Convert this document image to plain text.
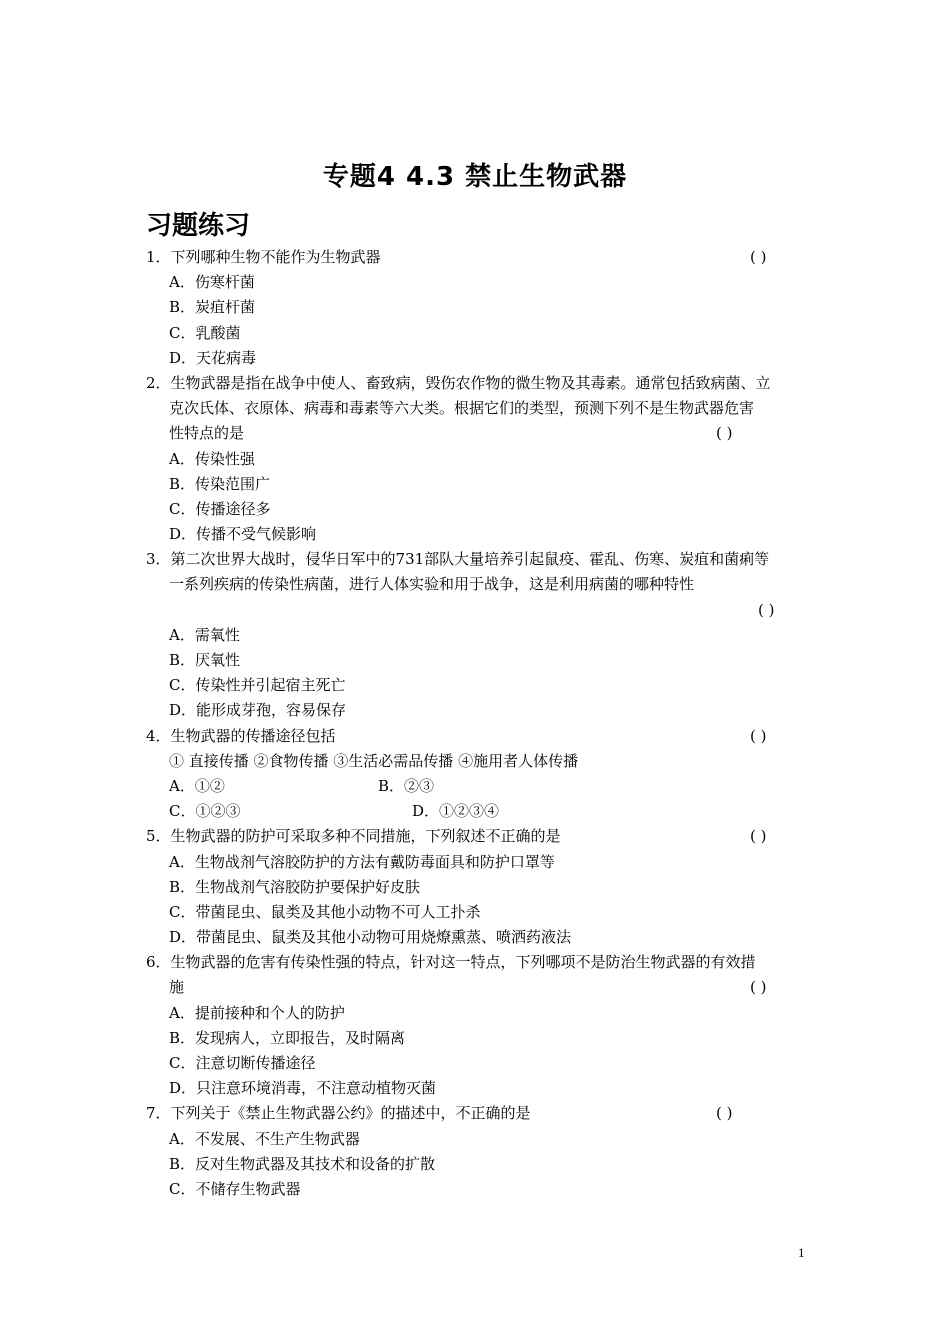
专题4 4.3 禁止生物武器
习题练习
1．下列哪种生物不能作为生物武器	( )
A．伤寒杆菌
B．炭疽杆菌
C．乳酸菌
D．天花病毒
2．生物武器是指在战争中使人、畜致病，毁伤农作物的微生物及其毒素。通常包括致病菌、立
克次氏体、衣原体、病毒和毒素等六大类。根据它们的类型，预测下列不是生物武器危害
性特点的是	( )
A．传染性强
B．传染范围广
C．传播途径多
D．传播不受气候影响
3．第二次世界大战时，侵华日军中的731部队大量培养引起鼠疫、霍乱、伤寒、炭疽和菌痢等
一系列疾病的传染性病菌，进行人体实验和用于战争，这是利用病菌的哪种特性
( )
A．需氧性
B．厌氧性
C．传染性并引起宿主死亡
D．能形成芽孢，容易保存
4．生物武器的传播途径包括	( )
① 直接传播 ②食物传播 ③生活必需品传播 ④施用者人体传播
A．①②	B．②③
C．①②③	D．①②③④
5．生物武器的防护可采取多种不同措施，下列叙述不正确的是	( )
A．生物战剂气溶胶防护的方法有戴防毒面具和防护口罩等
B．生物战剂气溶胶防护要保护好皮肤
C．带菌昆虫、鼠类及其他小动物不可人工扑杀
D．带菌昆虫、鼠类及其他小动物可用烧燎熏蒸、喷洒药液法
6．生物武器的危害有传染性强的特点，针对这一特点，下列哪项不是防治生物武器的有效措
施	( )
A．提前接种和个人的防护
B．发现病人，立即报告，及时隔离
C．注意切断传播途径
D．只注意环境消毒，不注意动植物灭菌
7．下列关于《禁止生物武器公约》的描述中，不正确的是	( )
A．不发展、不生产生物武器
B．反对生物武器及其技术和设备的扩散
C．不储存生物武器
1
